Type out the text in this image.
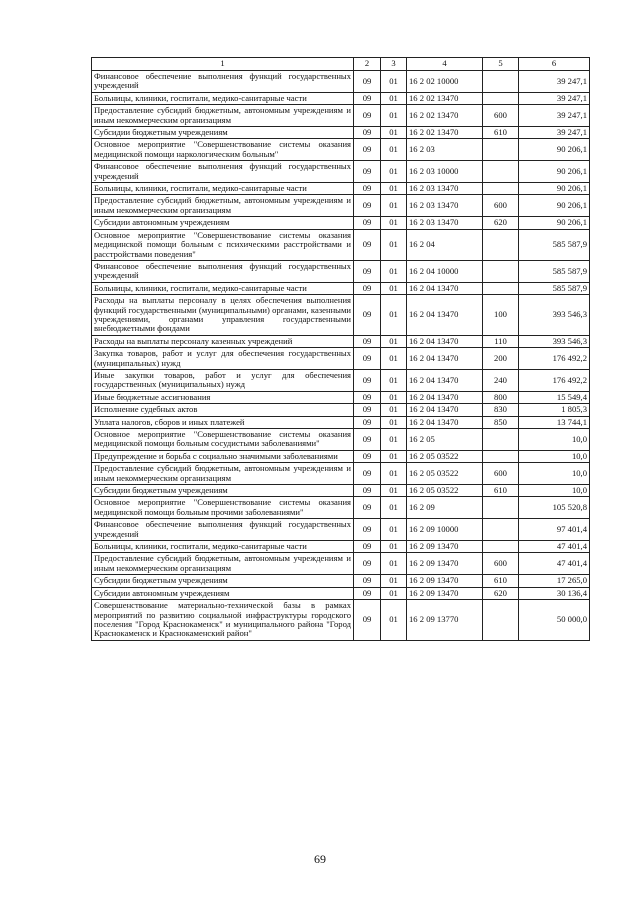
1	2	3	4	5	6
Финансовое обеспечение выполнения функций государственных учреждений	09	01	16 2 02 10000		39 247,1
Больницы, клиники, госпитали, медико-санитарные части	09	01	16 2 02 13470		39 247,1
Предоставление субсидий бюджетным, автономным учреждениям и иным некоммерческим организациям	09	01	16 2 02 13470	600	39 247,1
Субсидии бюджетным учреждениям	09	01	16 2 02 13470	610	39 247,1
Основное мероприятие "Совершенствование системы оказания медицинской помощи наркологическим больным"	09	01	16 2 03		90 206,1
Финансовое обеспечение выполнения функций государственных учреждений	09	01	16 2 03 10000		90 206,1
Больницы, клиники, госпитали, медико-санитарные части	09	01	16 2 03 13470		90 206,1
Предоставление субсидий бюджетным, автономным учреждениям и иным некоммерческим организациям	09	01	16 2 03 13470	600	90 206,1
Субсидии автономным учреждениям	09	01	16 2 03 13470	620	90 206,1
Основное мероприятие "Совершенствование системы оказания медицинской помощи больным с психическими расстройствами и расстройствами поведения"	09	01	16 2 04		585 587,9
Финансовое обеспечение выполнения функций государственных учреждений	09	01	16 2 04 10000		585 587,9
Больницы, клиники, госпитали, медико-санитарные части	09	01	16 2 04 13470		585 587,9
Расходы на выплаты персоналу в целях обеспечения выполнения функций государственными (муниципальными) органами, казенными учреждениями, органами управления государственными внебюджетными фондами	09	01	16 2 04 13470	100	393 546,3
Расходы на выплаты персоналу казенных учреждений	09	01	16 2 04 13470	110	393 546,3
Закупка товаров, работ и услуг для обеспечения государственных (муниципальных) нужд	09	01	16 2 04 13470	200	176 492,2
Иные закупки товаров, работ и услуг для обеспечения государственных (муниципальных) нужд	09	01	16 2 04 13470	240	176 492,2
Иные бюджетные ассигнования	09	01	16 2 04 13470	800	15 549,4
Исполнение судебных актов	09	01	16 2 04 13470	830	1 805,3
Уплата налогов, сборов и иных платежей	09	01	16 2 04 13470	850	13 744,1
Основное мероприятие "Совершенствование системы оказания медицинской помощи больным сосудистыми заболеваниями"	09	01	16 2 05		10,0
Предупреждение и борьба с социально значимыми заболеваниями	09	01	16 2 05 03522		10,0
Предоставление субсидий бюджетным, автономным учреждениям и иным некоммерческим организациям	09	01	16 2 05 03522	600	10,0
Субсидии бюджетным учреждениям	09	01	16 2 05 03522	610	10,0
Основное мероприятие "Совершенствование системы оказания медицинской помощи больным прочими заболеваниями"	09	01	16 2 09		105 520,8
Финансовое обеспечение выполнения функций государственных учреждений	09	01	16 2 09 10000		97 401,4
Больницы, клиники, госпитали, медико-санитарные части	09	01	16 2 09 13470		47 401,4
Предоставление субсидий бюджетным, автономным учреждениям и иным некоммерческим организациям	09	01	16 2 09 13470	600	47 401,4
Субсидии бюджетным учреждениям	09	01	16 2 09 13470	610	17 265,0
Субсидии автономным учреждениям	09	01	16 2 09 13470	620	30 136,4
Совершенствование материально-технической базы в рамках мероприятий по развитию социальной инфраструктуры городского поселения "Город Краснокаменск" и муниципального района "Город Краснокаменск и Краснокаменский район"	09	01	16 2 09 13770		50 000,0
69
